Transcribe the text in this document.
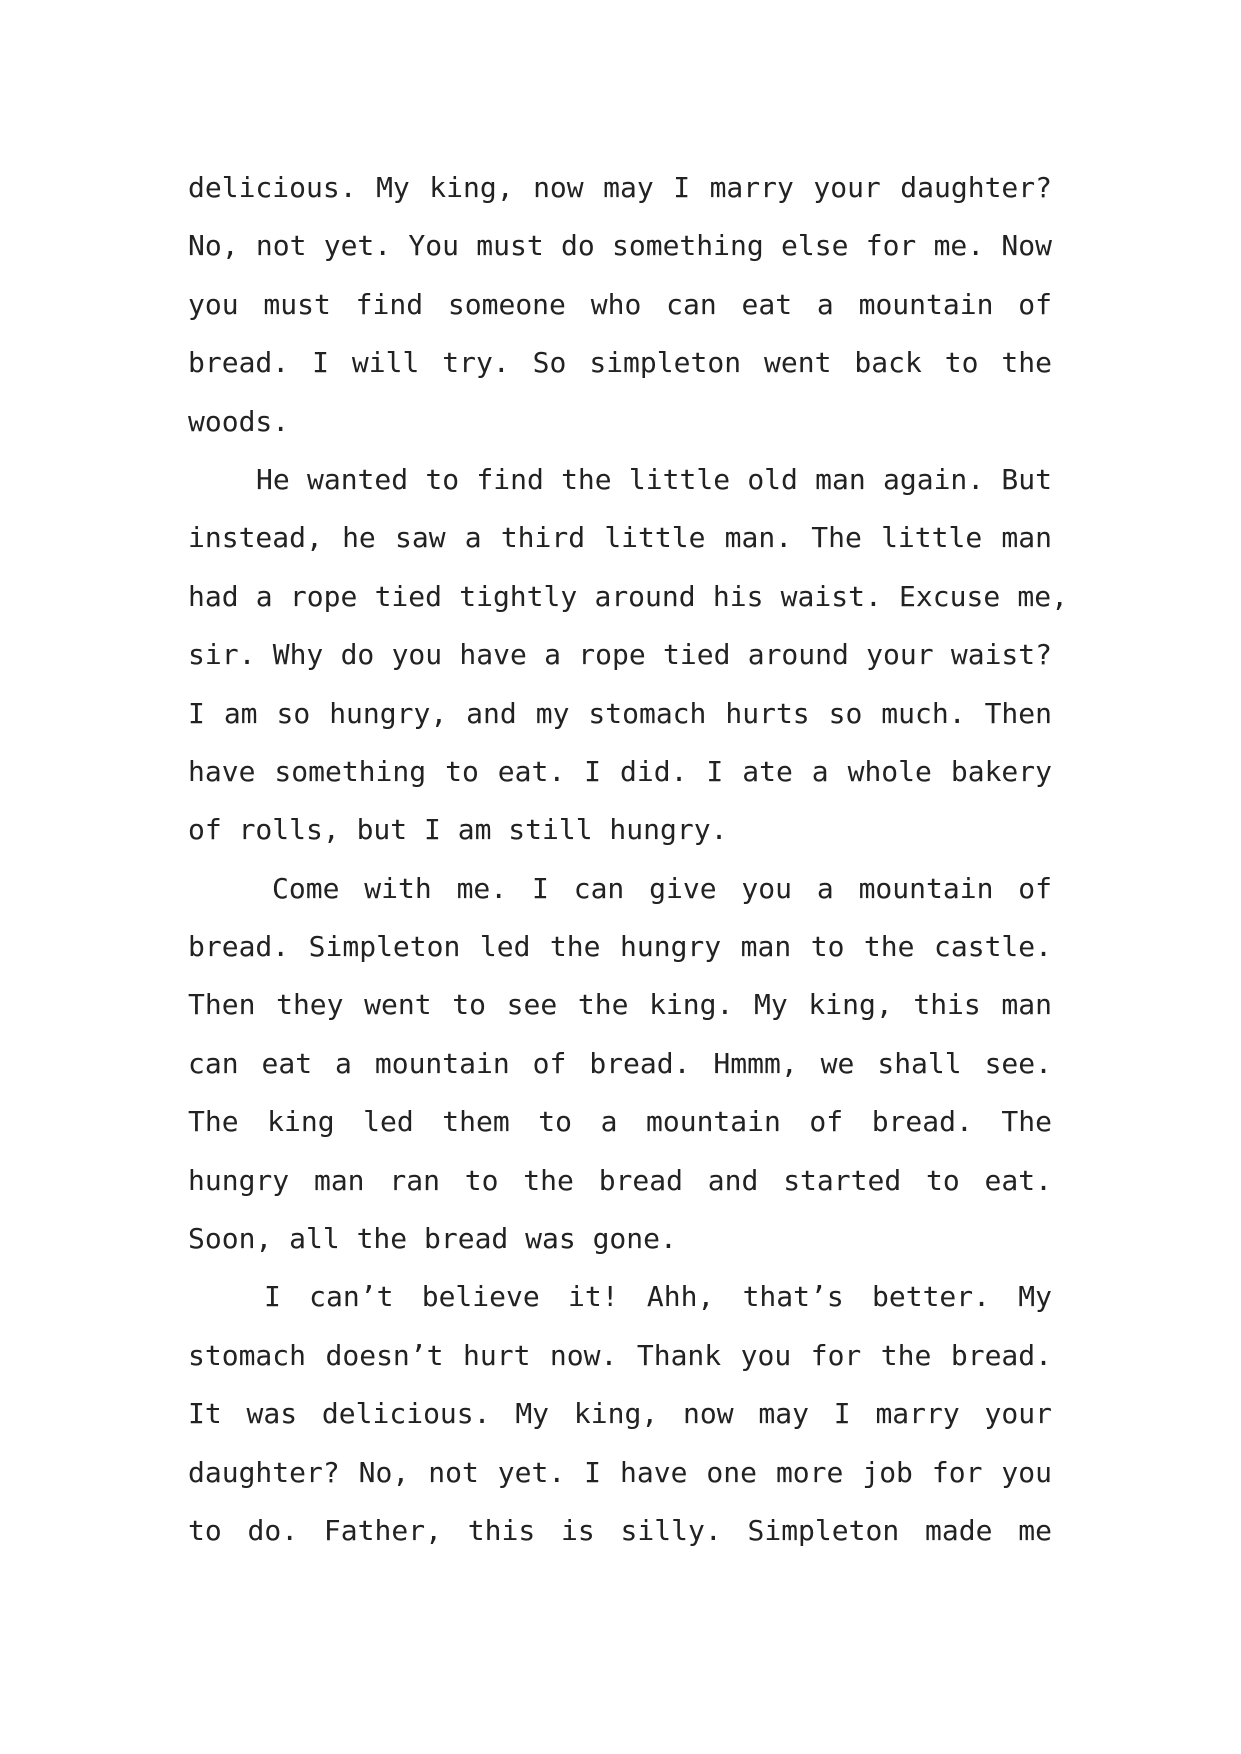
delicious. My king, now may I marry your daughter?
No, not yet. You must do something else for me. Now
you must find someone who can eat a mountain of
bread. I will try. So simpleton went back to the
woods.
He wanted to find the little old man again. But
instead, he saw a third little man. The little man
had a rope tied tightly around his waist. Excuse me,
sir. Why do you have a rope tied around your waist?
I am so hungry, and my stomach hurts so much. Then
have something to eat. I did. I ate a whole bakery
of rolls, but I am still hungry.
Come with me. I can give you a mountain of
bread. Simpleton led the hungry man to the castle.
Then they went to see the king. My king, this man
can eat a mountain of bread. Hmmm, we shall see.
The king led them to a mountain of bread. The
hungry man ran to the bread and started to eat.
Soon, all the bread was gone.
I can’t believe it! Ahh, that’s better. My
stomach doesn’t hurt now. Thank you for the bread.
It was delicious. My king, now may I marry your
daughter? No, not yet. I have one more job for you
to do. Father, this is silly. Simpleton made me
